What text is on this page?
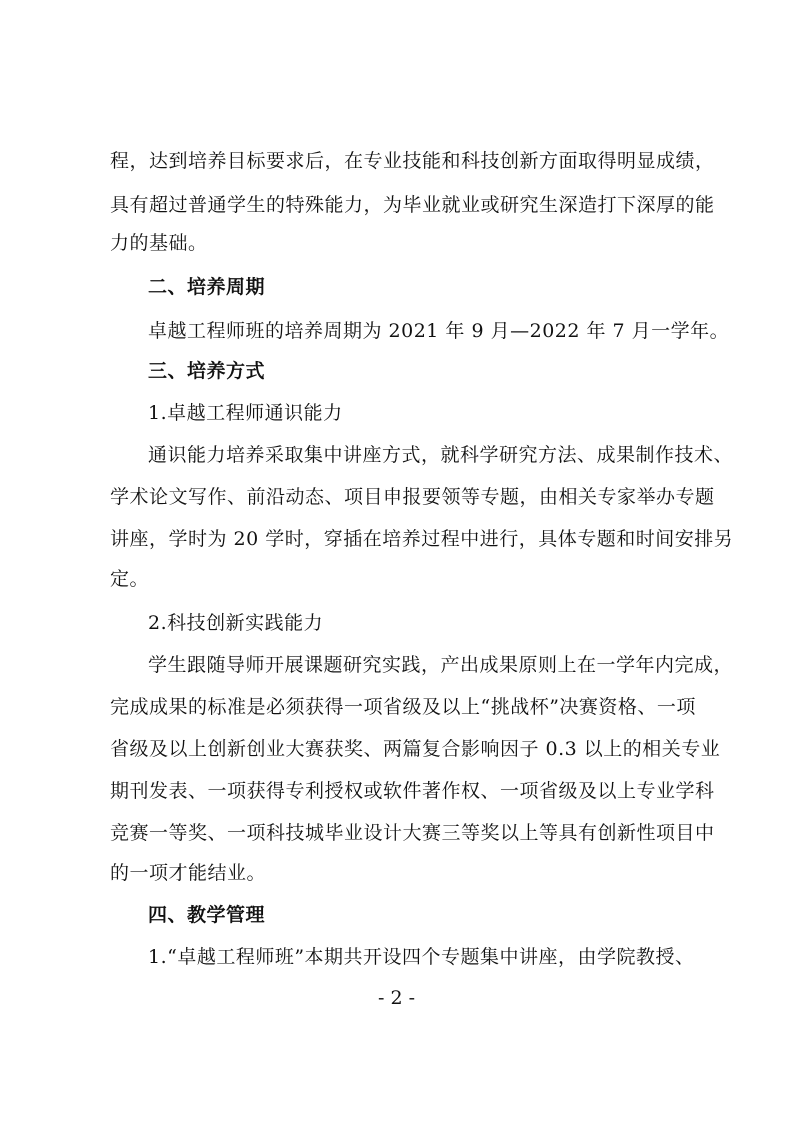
程，达到培养目标要求后，在专业技能和科技创新方面取得明显成绩，
具有超过普通学生的特殊能力，为毕业就业或研究生深造打下深厚的能
力的基础。
二、培养周期
卓越工程师班的培养周期为 2021 年 9 月—2022 年 7 月一学年。
三、培养方式
1.卓越工程师通识能力
通识能力培养采取集中讲座方式，就科学研究方法、成果制作技术、
学术论文写作、前沿动态、项目申报要领等专题，由相关专家举办专题
讲座，学时为 20 学时，穿插在培养过程中进行，具体专题和时间安排另
定。
2.科技创新实践能力
学生跟随导师开展课题研究实践，产出成果原则上在一学年内完成，
完成成果的标准是必须获得一项省级及以上“挑战杯”决赛资格、一项
省级及以上创新创业大赛获奖、两篇复合影响因子 0.3 以上的相关专业
期刊发表、一项获得专利授权或软件著作权、一项省级及以上专业学科
竞赛一等奖、一项科技城毕业设计大赛三等奖以上等具有创新性项目中
的一项才能结业。
四、教学管理
1.“卓越工程师班”本期共开设四个专题集中讲座，由学院教授、
- 2 -
